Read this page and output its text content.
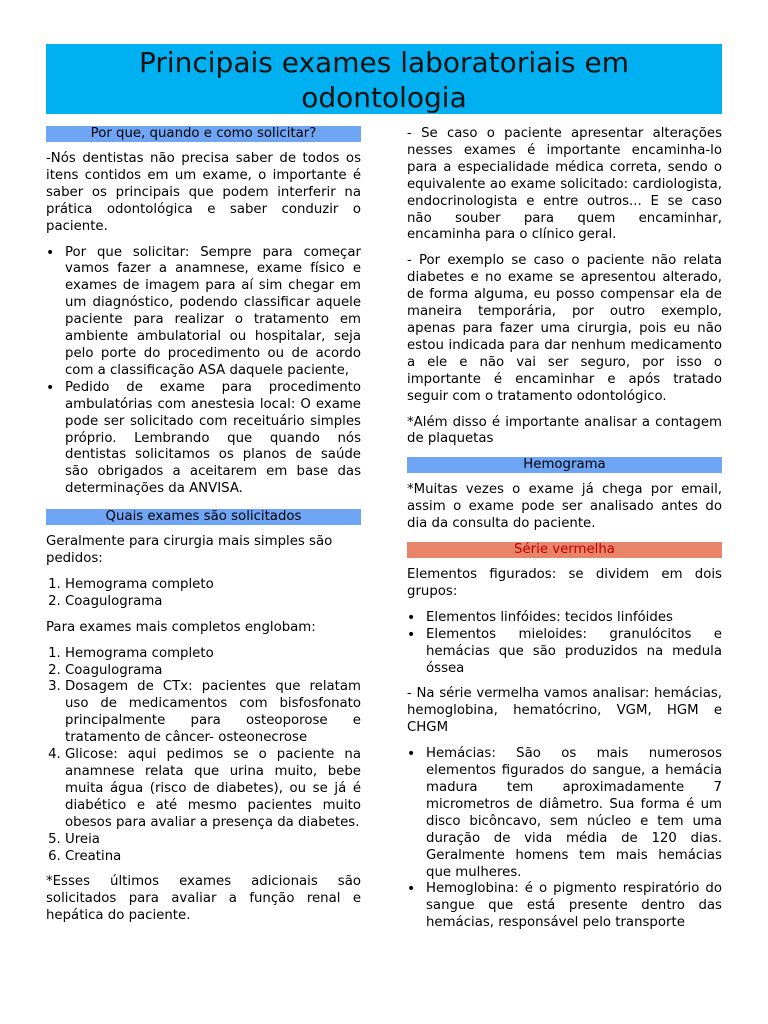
Principais exames laboratoriais em
odontologia
Por que, quando e como solicitar?

-Nós dentistas não precisa saber de todos os itens contidos em um exame, o importante é saber os principais que podem interferir na prática odontológica e saber conduzir o paciente.

• Por que solicitar: Sempre para começar vamos fazer a anamnese, exame físico e exames de imagem para aí sim chegar em um diagnóstico, podendo classificar aquele paciente para realizar o tratamento em ambiente ambulatorial ou hospitalar, seja pelo porte do procedimento ou de acordo com a classificação ASA daquele paciente,
• Pedido de exame para procedimento ambulatórias com anestesia local: O exame pode ser solicitado com receituário simples próprio. Lembrando que quando nós dentistas solicitamos os planos de saúde são obrigados a aceitarem em base das determinações da ANVISA.
Quais exames são solicitados

Geralmente para cirurgia mais simples são pedidos:

1. Hemograma completo
2. Coagulograma

Para exames mais completos englobam:

1. Hemograma completo
2. Coagulograma
3. Dosagem de CTx: pacientes que relatam uso de medicamentos com bisfosfonato principalmente para osteoporose e tratamento de câncer- osteonecrose
4. Glicose: aqui pedimos se o paciente na anamnese relata que urina muito, bebe muita água (risco de diabetes), ou se já é diabético e até mesmo pacientes muito obesos para avaliar a presença da diabetes.
5. Ureia
6. Creatina

*Esses últimos exames adicionais são solicitados para avaliar a função renal e hepática do paciente.

- Se caso o paciente apresentar alterações nesses exames é importante encaminha-lo para a especialidade médica correta, sendo o equivalente ao exame solicitado: cardiologista, endocrinologista e entre outros... E se caso não souber para quem encaminhar, encaminha para o clínico geral.

- Por exemplo se caso o paciente não relata diabetes e no exame se apresentou alterado, de forma alguma, eu posso compensar ela de maneira temporária, por outro exemplo, apenas para fazer uma cirurgia, pois eu não estou indicada para dar nenhum medicamento a ele e não vai ser seguro, por isso o importante é encaminhar e após tratado seguir com o tratamento odontológico.

*Além disso é importante analisar a contagem de plaquetas

Hemograma

*Muitas vezes o exame já chega por email, assim o exame pode ser analisado antes do dia da consulta do paciente.

Série vermelha

Elementos figurados: se dividem em dois grupos:

• Elementos linfóides: tecidos linfóides
• Elementos mieloides: granulócitos e hemácias que são produzidos na medula óssea

- Na série vermelha vamos analisar: hemácias, hemoglobina, hematócrino, VGM, HGM e CHGM

• Hemácias: São os mais numerosos elementos figurados do sangue, a hemácia madura tem aproximadamente 7 micrometros de diâmetro. Sua forma é um disco bicôncavo, sem núcleo e tem uma duração de vida média de 120 dias. Geralmente homens tem mais hemácias que mulheres.
• Hemoglobina: é o pigmento respiratório do sangue que está presente dentro das hemácias, responsável pelo transporte
